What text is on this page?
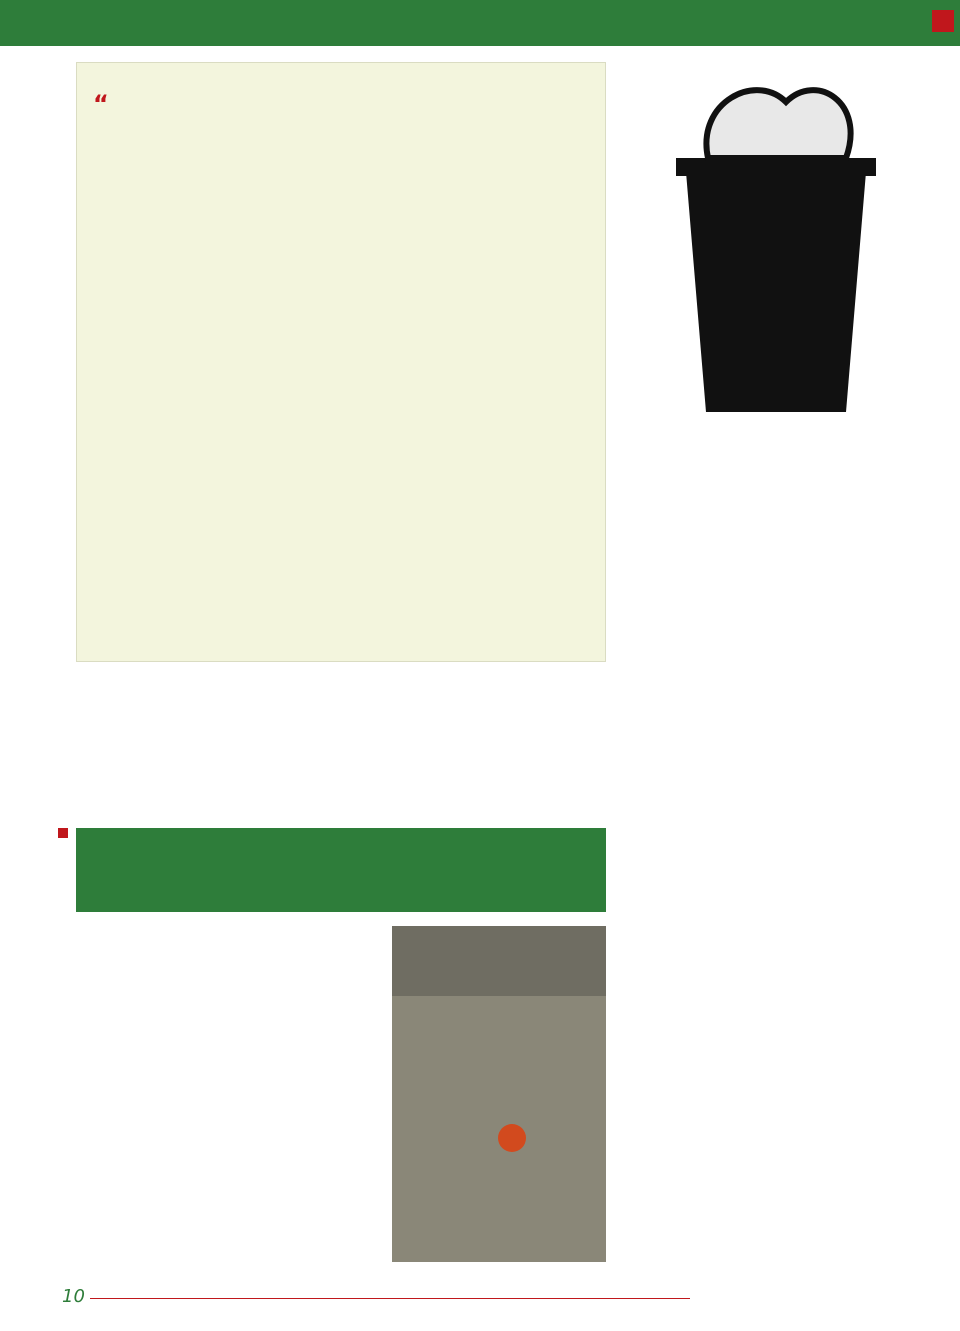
“

10
